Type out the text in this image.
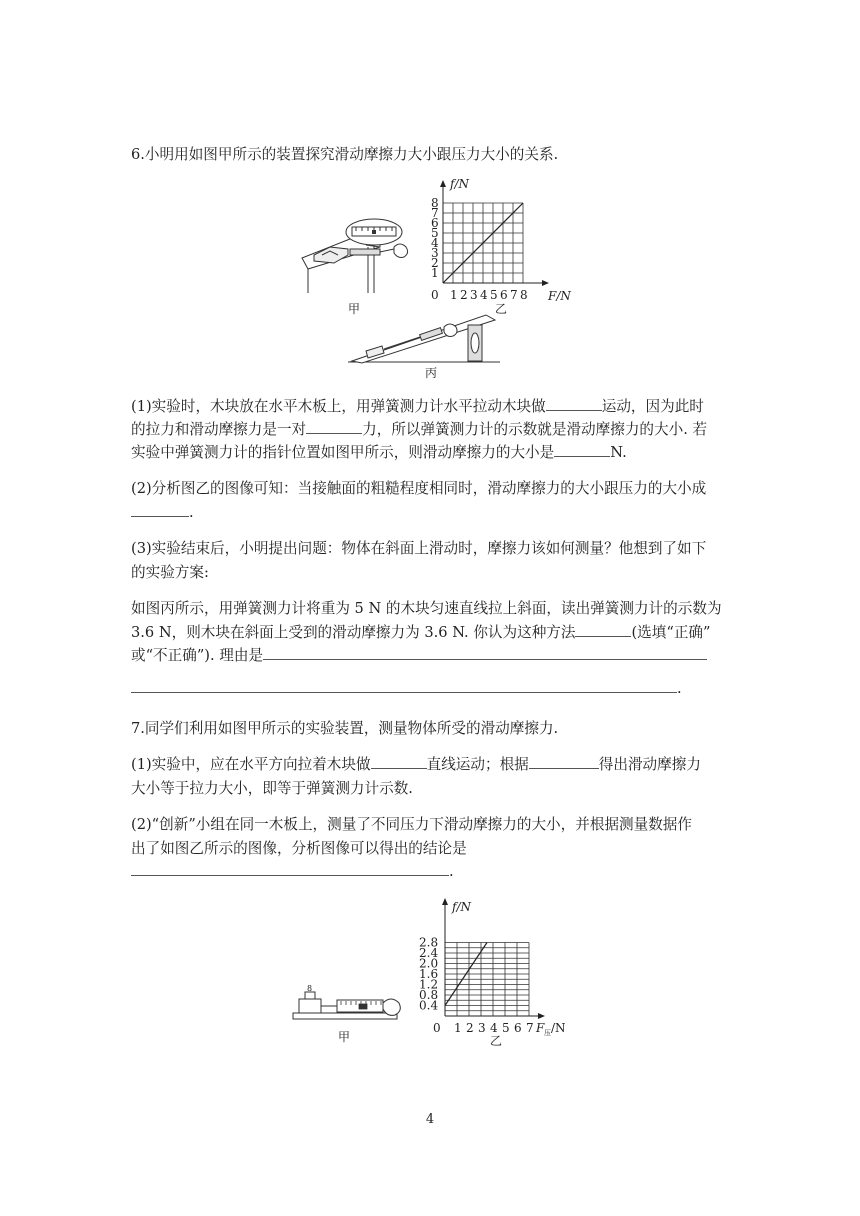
6.小明用如图甲所示的装置探究滑动摩擦力大小跟压力大小的关系.
甲
f/N
F/N
1
2
3
4
5
6
7
8
0 1 2 3 4 5 6 7 8
乙
丙
(1)实验时，木块放在水平木板上，用弹簧测力计水平拉动木块做	运动，因为此时
的拉力和滑动摩擦力是一对	力，所以弹簧测力计的示数就是滑动摩擦力的大小. 若
实验中弹簧测力计的指针位置如图甲所示，则滑动摩擦力的大小是	N.
(2)分析图乙的图像可知：当接触面的粗糙程度相同时，滑动摩擦力的大小跟压力的大小成
.
(3)实验结束后，小明提出问题：物体在斜面上滑动时，摩擦力该如何测量？他想到了如下
的实验方案:
如图丙所示，用弹簧测力计将重为 5 N 的木块匀速直线拉上斜面，读出弹簧测力计的示数为
3.6 N，则木块在斜面上受到的滑动摩擦力为 3.6 N. 你认为这种方法	(选填“正确”
或“不正确”). 理由是
.
7.同学们利用如图甲所示的实验装置，测量物体所受的滑动摩擦力.
(1)实验中，应在水平方向拉着木块做	直线运动；根据	得出滑动摩擦力
大小等于拉力大小，即等于弹簧测力计示数.
(2)“创新”小组在同一木板上，测量了不同压力下滑动摩擦力的大小，并根据测量数据作
出了如图乙所示的图像，分析图像可以得出的结论是
.
8
甲
f/N
F 压 /N
0.4
0.8
1.2
1.6
2.0
2.4
2.8
0 1 2 3 4 5 6 7
乙
4
